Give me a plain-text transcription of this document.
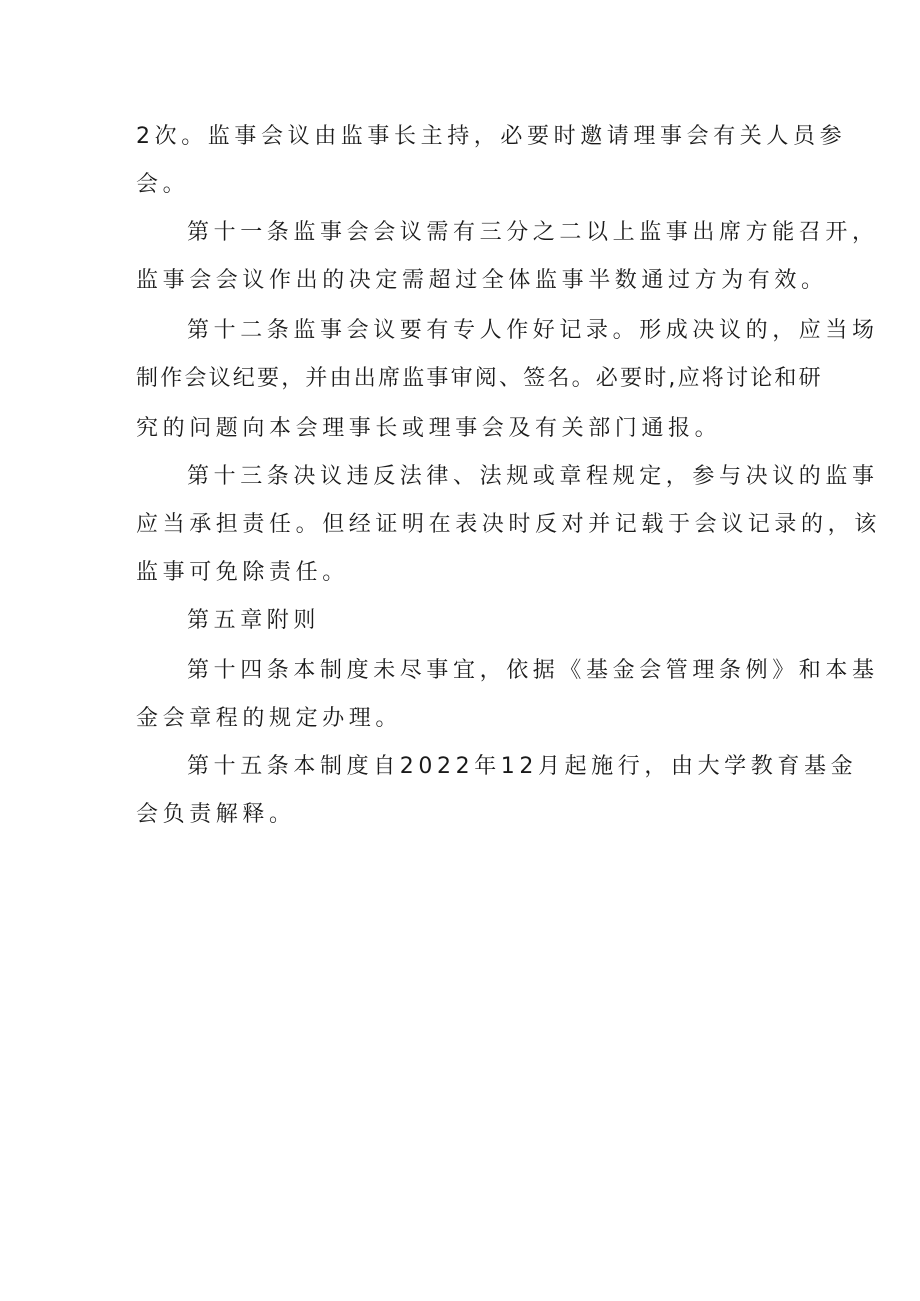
2次。监事会议由监事长主持，必要时邀请理事会有关人员参
会。
第十一条监事会会议需有三分之二以上监事出席方能召开，
监事会会议作出的决定需超过全体监事半数通过方为有效。
第十二条监事会议要有专人作好记录。形成决议的，应当场
制作会议纪要，并由出席监事审阅、签名。必要时,应将讨论和研
究的问题向本会理事长或理事会及有关部门通报。
第十三条决议违反法律、法规或章程规定，参与决议的监事
应当承担责任。但经证明在表决时反对并记载于会议记录的，该
监事可免除责任。
第五章附则
第十四条本制度未尽事宜，依据《基金会管理条例》和本基
金会章程的规定办理。
第十五条本制度自2022年12月起施行，由大学教育基金
会负责解释。
